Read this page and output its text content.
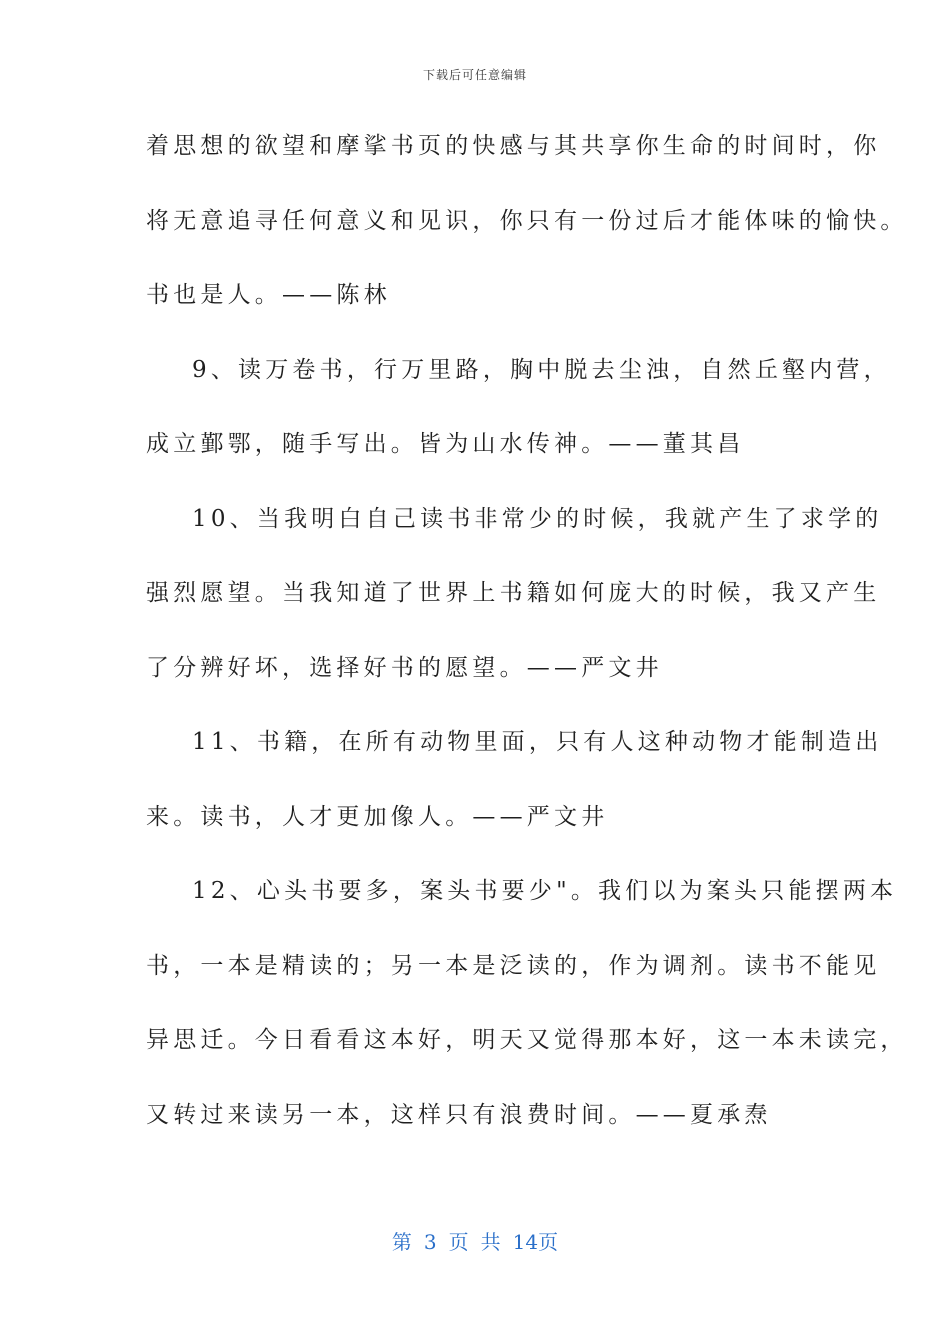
下载后可任意编辑
着思想的欲望和摩挲书页的快感与其共享你生命的时间时，你
将无意追寻任何意义和见识，你只有一份过后才能体味的愉快。
书也是人。——陈林
9、读万卷书，行万里路，胸中脱去尘浊，自然丘壑内营，
成立鄞鄂，随手写出。皆为山水传神。——董其昌
10、当我明白自己读书非常少的时候，我就产生了求学的
强烈愿望。当我知道了世界上书籍如何庞大的时候，我又产生
了分辨好坏，选择好书的愿望。——严文井
11、书籍，在所有动物里面，只有人这种动物才能制造出
来。读书，人才更加像人。——严文井
12、心头书要多，案头书要少"。我们以为案头只能摆两本
书，一本是精读的；另一本是泛读的，作为调剂。读书不能见
异思迁。今日看看这本好，明天又觉得那本好，这一本未读完，
又转过来读另一本，这样只有浪费时间。——夏承焘
第 3 页 共 14页
